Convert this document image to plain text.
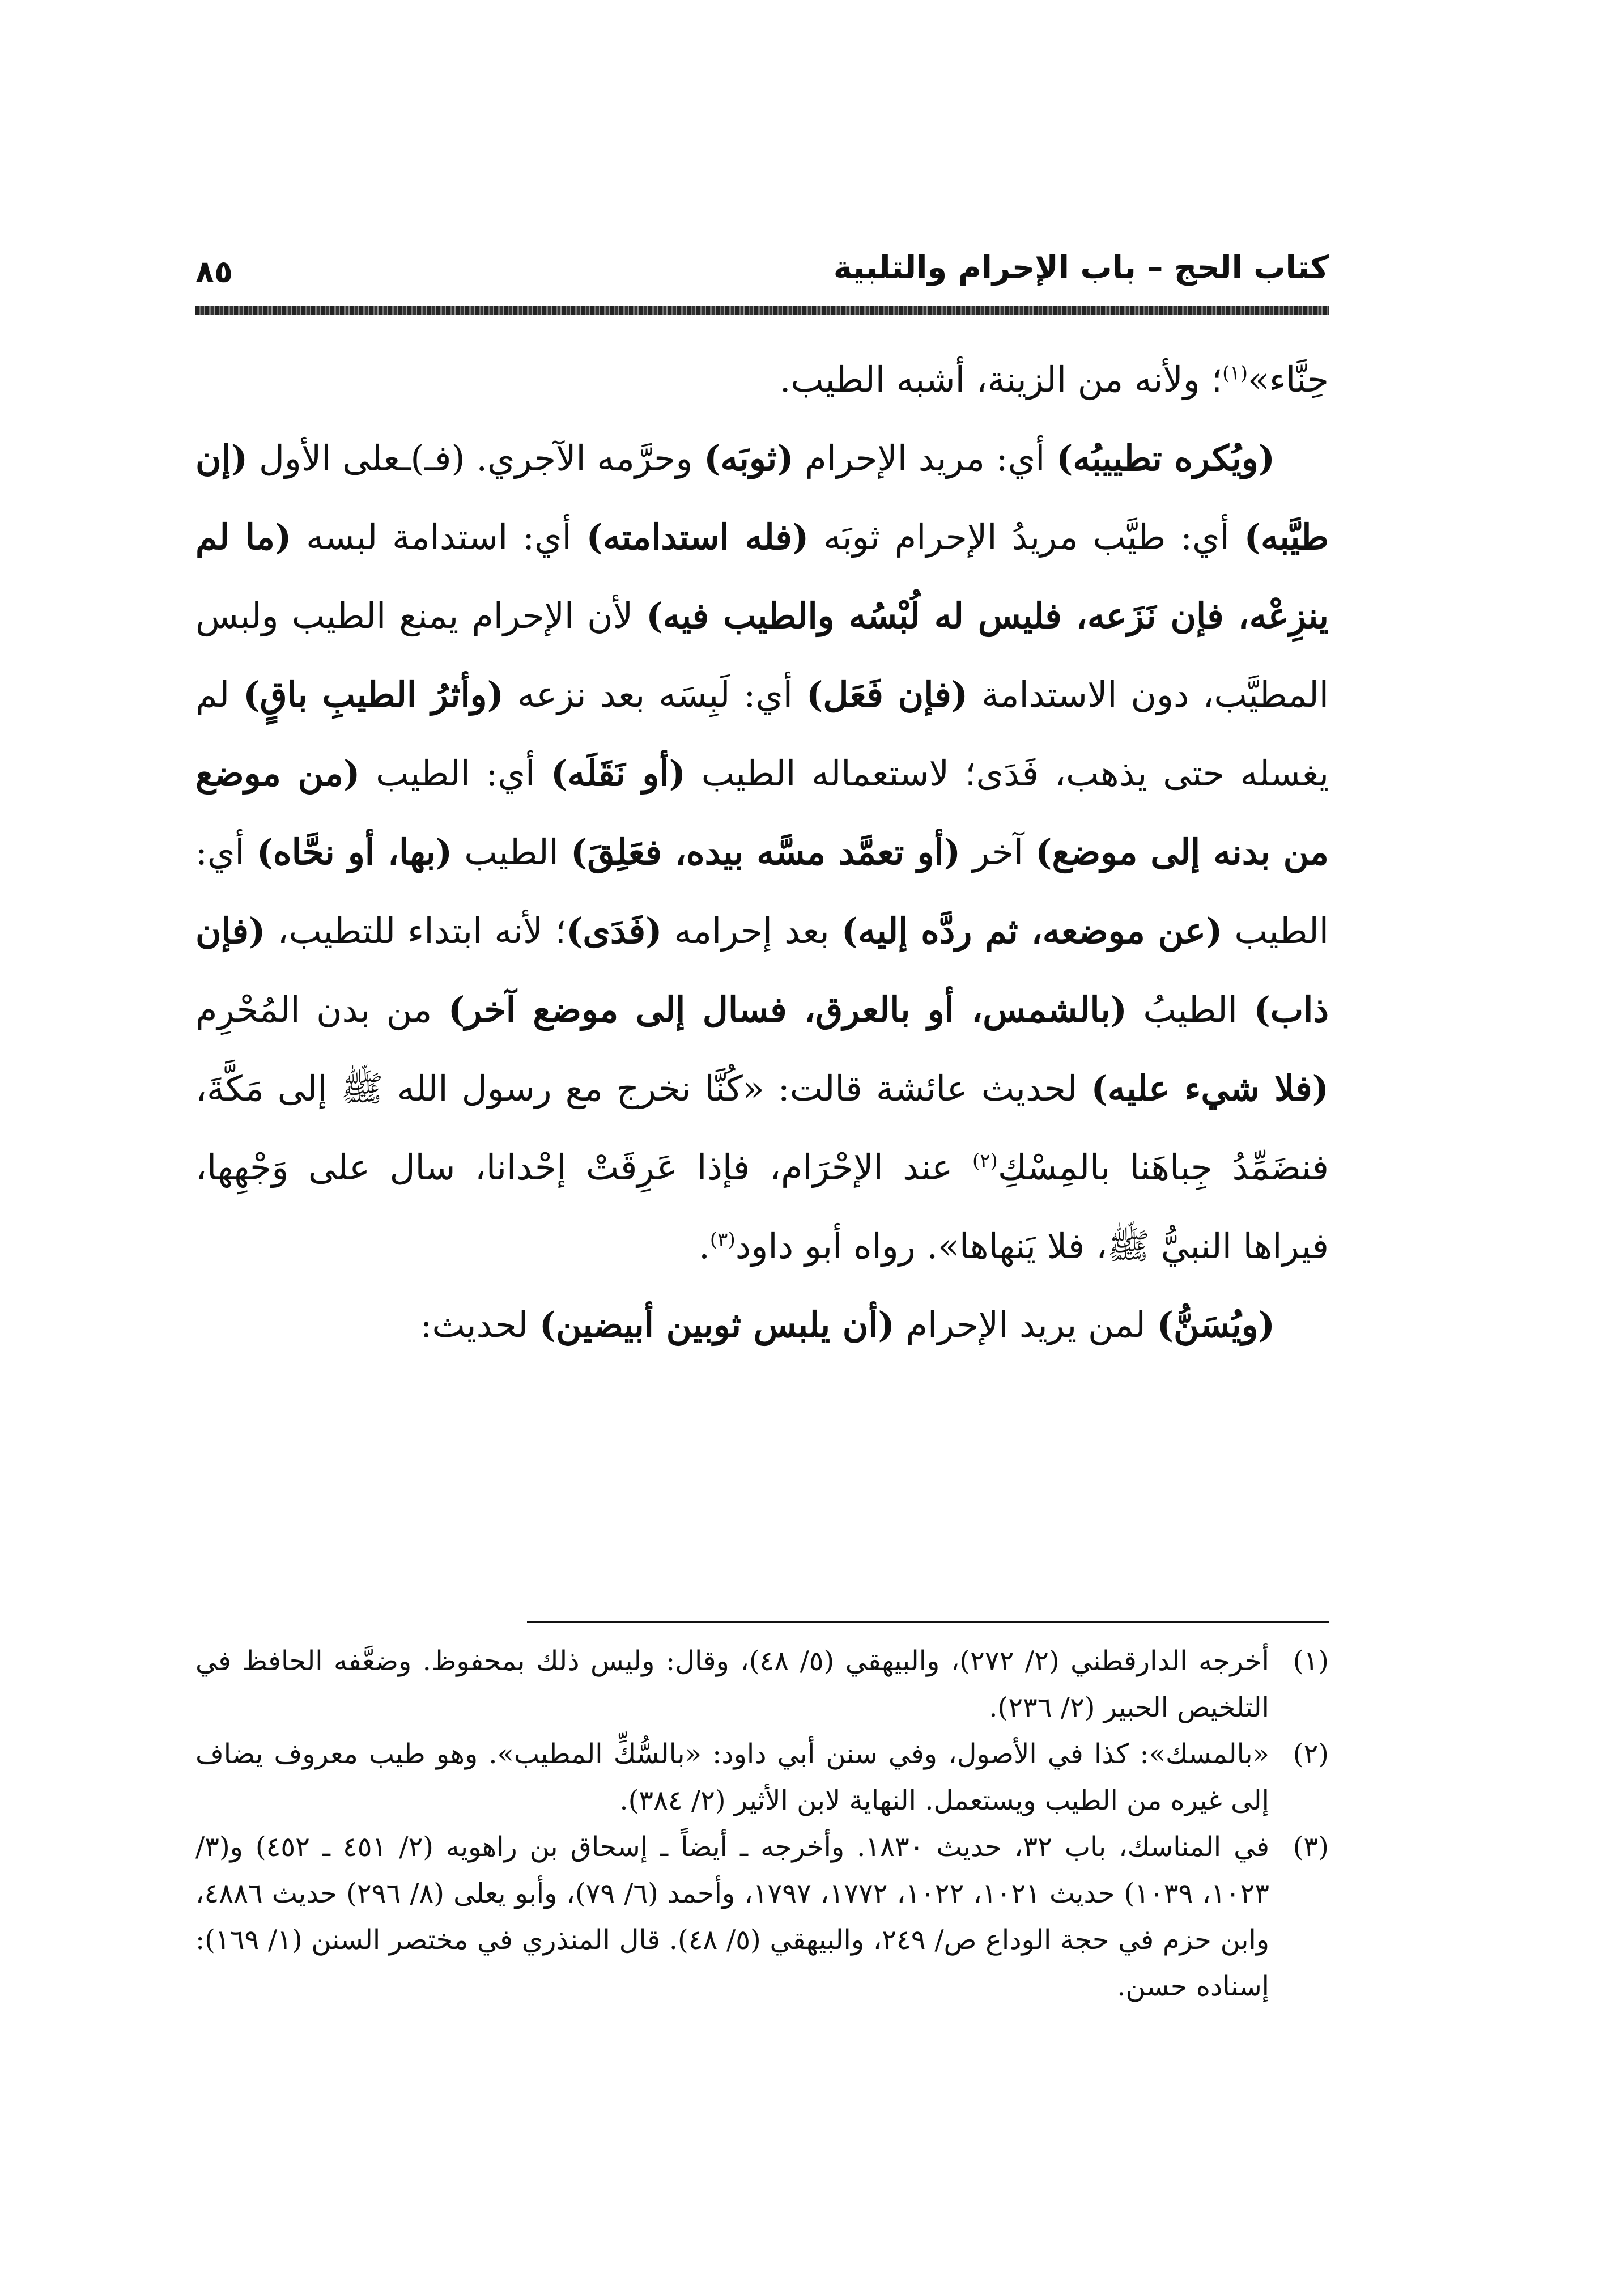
٨٥	كتاب الحج – باب الإحرام والتلبية

حِنَّاء»$^{(١)}$؛ ولأنه من الزينة، أشبه الطيب.

(ويُكره تطييبُه) أي: مريد الإحرام (ثوبَه) وحرَّمه الآجري. (فـ)ـعلى الأول (إن طيَّبه) أي: طيَّب مريدُ الإحرام ثوبَه (فله استدامته) أي: استدامة لبسه (ما لم ينزِعْه، فإن نَزَعه، فليس له لُبْسُه والطيب فيه) لأن الإحرام يمنع الطيب ولبس المطيَّب، دون الاستدامة (فإن فَعَل) أي: لَبِسَه بعد نزعه (وأثرُ الطيبِ باقٍ) لم يغسله حتى يذهب، فَدَى؛ لاستعماله الطيب (أو نَقَلَه) أي: الطيب (من موضع من بدنه إلى موضع) آخر (أو تعمَّد مسَّه بيده، فعَلِقَ) الطيب (بها، أو نحَّاه) أي: الطيب (عن موضعه، ثم ردَّه إليه) بعد إحرامه (فَدَى)؛ لأنه ابتداء للتطيب، (فإن ذاب) الطيبُ (بالشمس، أو بالعرق، فسال إلى موضع آخر) من بدن المُحْرِم (فلا شيء عليه) لحديث عائشة قالت: «كُنَّا نخرج مع رسول الله ﷺ إلى مَكَّةَ، فنضَمِّدُ جِباهَنا بالمِسْكِ$^{(٢)}$ عند الإحْرَام، فإذا عَرِقَتْ إحْدانا، سال على وَجْهِها، فيراها النبيُّ ﷺ، فلا يَنهاها». رواه أبو داود$^{(٣)}$.

(ويُسَنُّ) لمن يريد الإحرام (أن يلبس ثوبين أبيضين) لحديث:

(١)
أخرجه الدارقطني (٢/ ٢٧٢)، والبيهقي (٥/ ٤٨)، وقال: وليس ذلك بمحفوظ. وضعَّفه الحافظ في التلخيص الحبير (٢/ ٢٣٦).

(٢)
«بالمسك»: كذا في الأصول، وفي سنن أبي داود: «بالسُّكِّ المطيب». وهو طيب معروف يضاف إلى غيره من الطيب ويستعمل. النهاية لابن الأثير (٢/ ٣٨٤).

(٣)
في المناسك، باب ٣٢، حديث ١٨٣٠. وأخرجه ـ أيضاً ـ إسحاق بن راهويه (٢/ ٤٥١ ـ ٤٥٢) و(٣/ ١٠٢٣، ١٠٣٩) حديث ١٠٢١، ١٠٢٢، ١٧٧٢، ١٧٩٧، وأحمد (٦/ ٧٩)، وأبو يعلى (٨/ ٢٩٦) حديث ٤٨٨٦، وابن حزم في حجة الوداع ص/ ٢٤٩، والبيهقي (٥/ ٤٨). قال المنذري في مختصر السنن (١/ ١٦٩): إسناده حسن.
